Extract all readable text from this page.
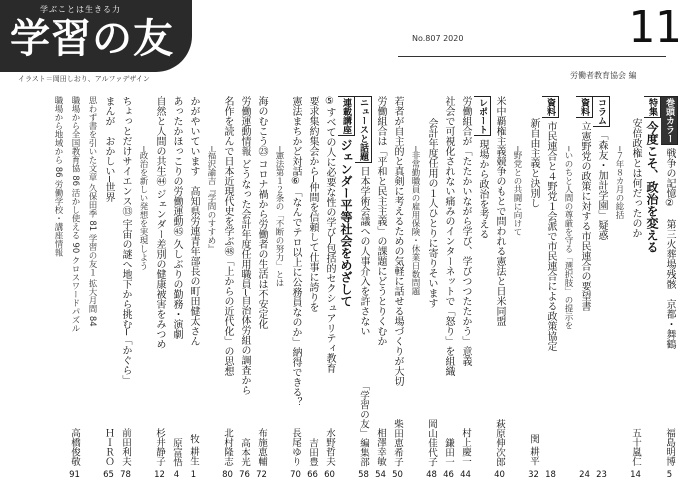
学ぶことは生きる力
学習の友
イラスト＝岡田しおり、アルファデザイン
No.807 2020	11
労働者教育協会 編
巻頭カラー戦争の記憶②　第三火葬場残骸　京都・舞鶴
福島明博
特集今度こそ、政治を変える
安倍政権とは何だったのか
五十嵐仁
─７年８カ月の総括
コラム「森友・加計学園」疑惑
資料立憲野党の政策に対する市民連合の要望書
─いのちと人間の尊厳を守る「選択肢」の提示を
資料市民連合と４野党１会派で市民連合による政策協定
新自由主義と決別し
関 耕平
─野党との共闘に向けて
米中覇権主義競争のもとで問われる憲法と日米同盟
萩原伸次郎
レポート現場から政治を考える
労働組合が「たたかいながら学び、学びつつたたかう」意義
村上慶一
社会で可視化されない痛みのインターネットで「怒り」を組織
鎌田一
会計年度任用の１人ひとりに寄りそいます
岡山佳代子
─非常勤職員の雇用保険・休業日数問題
若者が自主的と真剣に考えるための気軽に話せる場づくりが大切
柴田恵希子
労働組合は「平和と民主主義」の課題にどうとりくむか
相澤幸敏
ニュースと話題日本学術会議への人事介入を許さない
「学習の友」編集部
連載講座ジェンダー平等社会をめざして
⑤すべての人に必要な性の学び─包括的セクシュアリティ教育
水野哲夫
要求集約集会から─仲間を信頼して仕事に誇りを
吉田豊
憲法まちかど対話⑥「なんでテロ以上に公務員なのか」納得できる？
長尾ゆり
─憲法第１２条の「不断の努力」とは
海のむこう㉓ コロナ禍から労働者の生活は不安定化
布施恵輔
労働運動情報 どうなった会計年度任用職員─自治体労組の調査から
高本光
名作を読んで日本近現代史を学ぶ㊽「上からの近代化」の思想
北村隆志
─福沢諭吉『学問のすすめ』
かがやいています　高知県労連青年部長の町田健太さん
牧 耕生
あったかほっこりの労働運動㊺ 久しぶりの勤務・演劇
原富悟
自然と人間の共生㊹ ジェンダー差別の健康被害をみつめ
杉井静子
─政治を新しい発想を実現しよう
ちょっとだけサイエンス⑬ 宇宙の謎へ地下から挑む─「かぐら」
前田利夫
まんが　おかしい─世界
ＨＩＲＯ
思わず書を引いた文章 久保田季 81 学習の友１ 拡大月間 84
職場から全国教育協 86 活かし使える 90 クロスワードパズル
高橋俊敬
職場から地域から 86 労働学校・講座情報
5
14
23
24
18
32
40
44
46
48
50
54
58
60
66
70
72
76
80
1
4
12
78
65
91
